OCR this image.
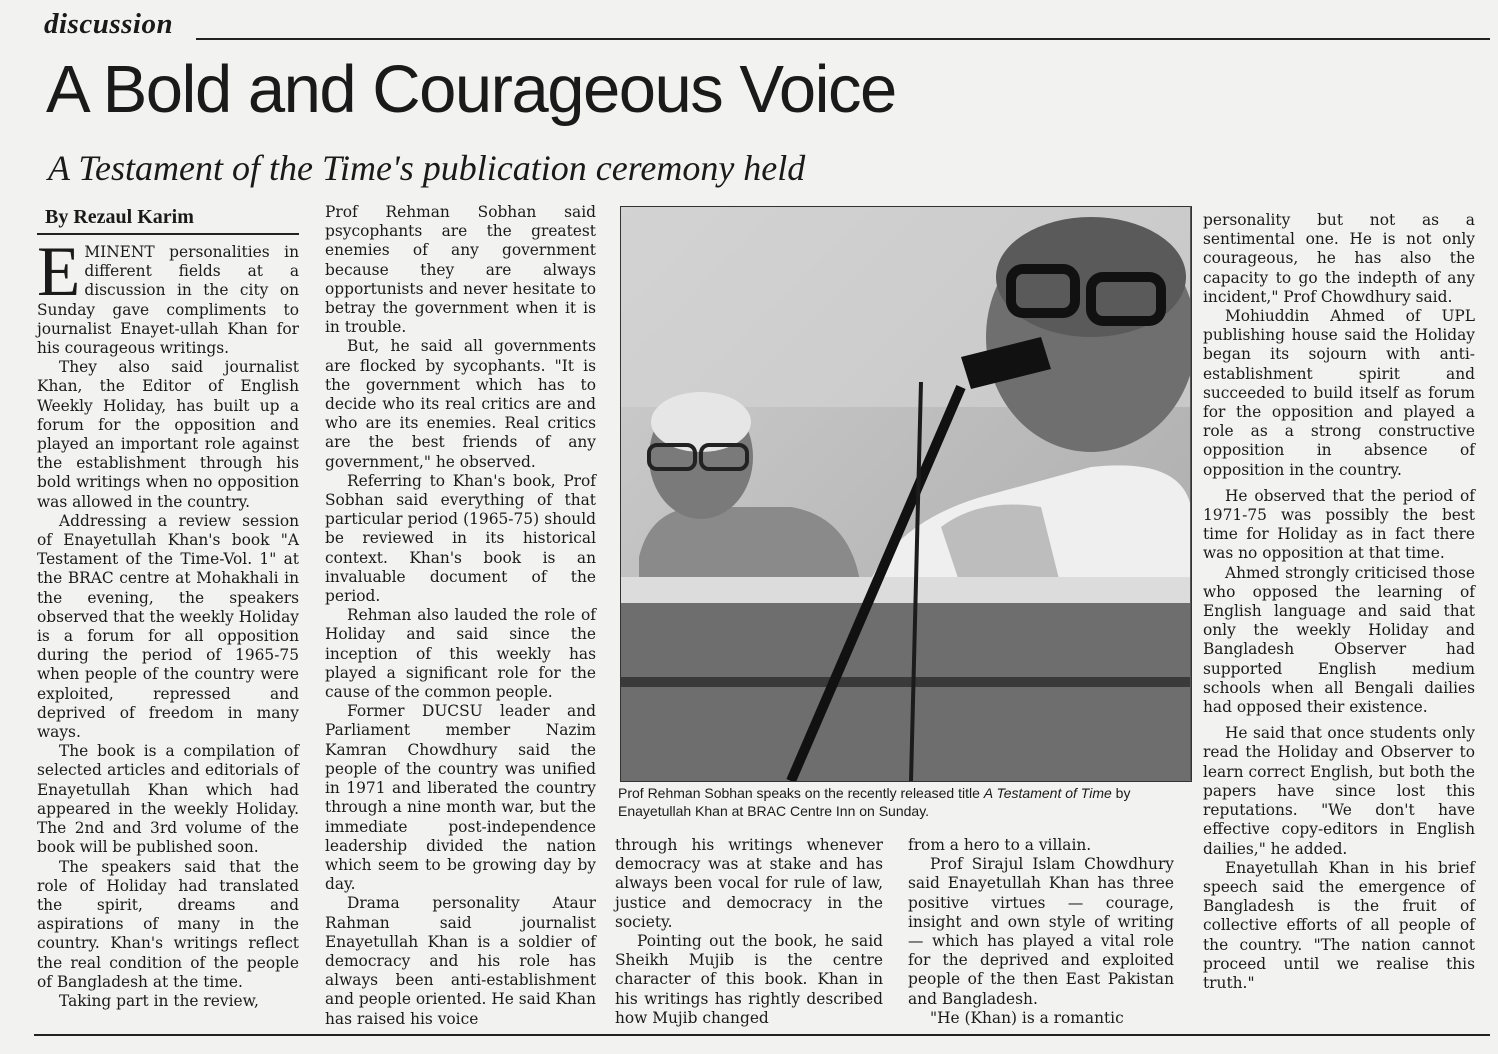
discussion
A Bold and Courageous Voice
A Testament of the Time's publication ceremony held
By Rezaul Karim

EMINENT personalities in different fields at a discussion in the city on Sunday gave compliments to journalist Enayet-ullah Khan for his courageous writings.

They also said journalist Khan, the Editor of English Weekly Holiday, has built up a forum for the opposition and played an important role against the establishment through his bold writings when no opposition was allowed in the country.

Addressing a review session of Enayetullah Khan's book "A Testament of the Time-Vol. 1" at the BRAC centre at Mohakhali in the evening, the speakers observed that the weekly Holiday is a forum for all opposition during the period of 1965-75 when people of the country were exploited, repressed and deprived of freedom in many ways.

The book is a compilation of selected articles and editorials of Enayetullah Khan which had appeared in the weekly Holiday. The 2nd and 3rd volume of the book will be published soon.

The speakers said that the role of Holiday had translated the spirit, dreams and aspirations of many in the country. Khan's writings reflect the real condition of the people of Bangladesh at the time.

Taking part in the review,

Prof Rehman Sobhan said psycophants are the greatest enemies of any government because they are always opportunists and never hesitate to betray the government when it is in trouble.

But, he said all governments are flocked by sycophants. "It is the government which has to decide who its real critics are and who are its enemies. Real critics are the best friends of any government," he observed.

Referring to Khan's book, Prof Sobhan said everything of that particular period (1965-75) should be reviewed in its historical context. Khan's book is an invaluable document of the period.

Rehman also lauded the role of Holiday and said since the inception of this weekly has played a significant role for the cause of the common people.

Former DUCSU leader and Parliament member Nazim Kamran Chowdhury said the people of the country was unified in 1971 and liberated the country through a nine month war, but the immediate post-independence leadership divided the nation which seem to be growing day by day.

Drama personality Ataur Rahman said journalist Enayetullah Khan is a soldier of democracy and his role has always been anti-establishment and people oriented. He said Khan has raised his voice

Prof Rehman Sobhan speaks on the recently released title A Testament of Time by Enayetullah Khan at BRAC Centre Inn on Sunday.

through his writings whenever democracy was at stake and has always been vocal for rule of law, justice and democracy in the society.

Pointing out the book, he said Sheikh Mujib is the centre character of this book. Khan in his writings has rightly described how Mujib changed

from a hero to a villain.

Prof Sirajul Islam Chowdhury said Enayetullah Khan has three positive virtues — courage, insight and own style of writing — which has played a vital role for the deprived and exploited people of the then East Pakistan and Bangladesh.

"He (Khan) is a romantic

personality but not as a sentimental one. He is not only courageous, he has also the capacity to go the indepth of any incident," Prof Chowdhury said.

Mohiuddin Ahmed of UPL publishing house said the Holiday began its sojourn with anti-establishment spirit and succeeded to build itself as forum for the opposition and played a role as a strong constructive opposition in absence of opposition in the country.

He observed that the period of 1971-75 was possibly the best time for Holiday as in fact there was no opposition at that time.

Ahmed strongly criticised those who opposed the learning of English language and said that only the weekly Holiday and Bangladesh Observer had supported English medium schools when all Bengali dailies had opposed their existence.

He said that once students only read the Holiday and Observer to learn correct English, but both the papers have since lost this reputations. "We don't have effective copy-editors in English dailies," he added.

Enayetullah Khan in his brief speech said the emergence of Bangladesh is the fruit of collective efforts of all people of the country. "The nation cannot proceed until we realise this truth."
